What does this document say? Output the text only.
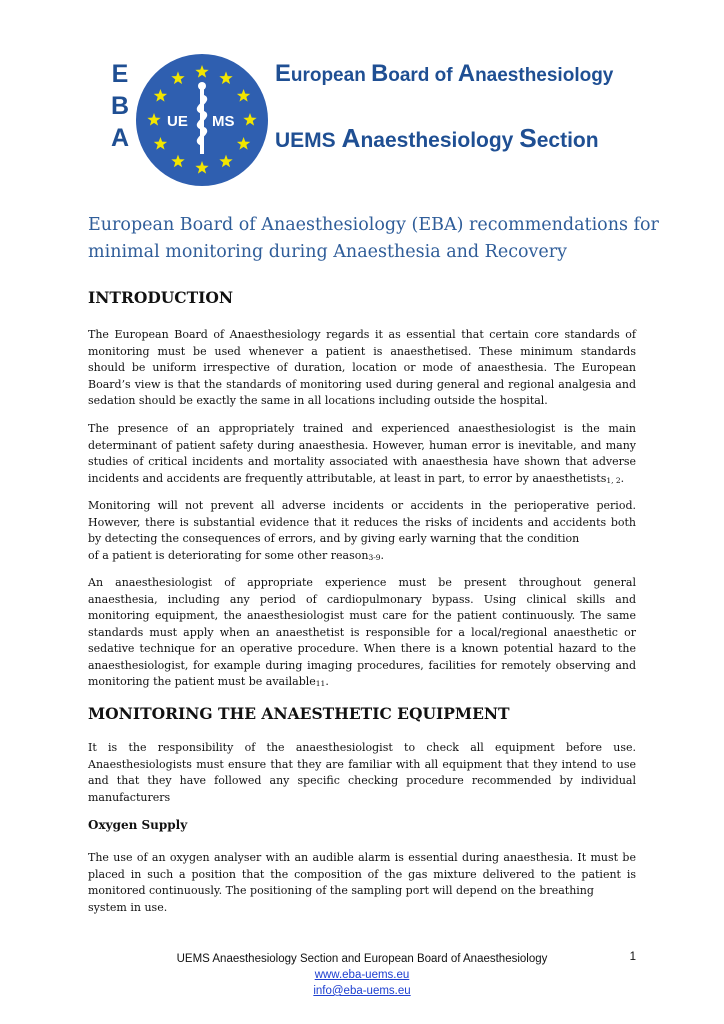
E
B
A
UE MS
European Board of Anaesthesiology
UEMS Anaesthesiology Section
European Board of Anaesthesiology (EBA) recommendations for
minimal monitoring during Anaesthesia and Recovery
INTRODUCTION
The European Board of Anaesthesiology regards it as essential that certain core standards of
monitoring must be used whenever a patient is anaesthetised. These minimum standards
should be uniform irrespective of duration, location or mode of anaesthesia. The European
Board’s view is that the standards of monitoring used during general and regional analgesia and
sedation should be exactly the same in all locations including outside the hospital.
The presence of an appropriately trained and experienced anaesthesiologist is the main
determinant of patient safety during anaesthesia. However, human error is inevitable, and many
studies of critical incidents and mortality associated with anaesthesia have shown that adverse
incidents and accidents are frequently attributable, at least in part, to error by anaesthetists$_{1, 2}$.
Monitoring will not prevent all adverse incidents or accidents in the perioperative period.
However, there is substantial evidence that it reduces the risks of incidents and accidents both
by detecting the consequences of errors, and by giving early warning that the condition
of a patient is deteriorating for some other reason$_{3-9}$.
An anaesthesiologist of appropriate experience must be present throughout general
anaesthesia, including any period of cardiopulmonary bypass. Using clinical skills and
monitoring equipment, the anaesthesiologist must care for the patient continuously. The same
standards must apply when an anaesthetist is responsible for a local/regional anaesthetic or
sedative technique for an operative procedure. When there is a known potential hazard to the
anaesthesiologist, for example during imaging procedures, facilities for remotely observing and
monitoring the patient must be available$_{11}$.
MONITORING THE ANAESTHETIC EQUIPMENT
It is the responsibility of the anaesthesiologist to check all equipment before use.
Anaesthesiologists must ensure that they are familiar with all equipment that they intend to use
and that they have followed any specific checking procedure recommended by individual
manufacturers
Oxygen Supply
The use of an oxygen analyser with an audible alarm is essential during anaesthesia. It must be
placed in such a position that the composition of the gas mixture delivered to the patient is
monitored continuously. The positioning of the sampling port will depend on the breathing
system in use.
UEMS Anaesthesiology Section and European Board of Anaesthesiology
www.eba-uems.eu
info@eba-uems.eu
1
